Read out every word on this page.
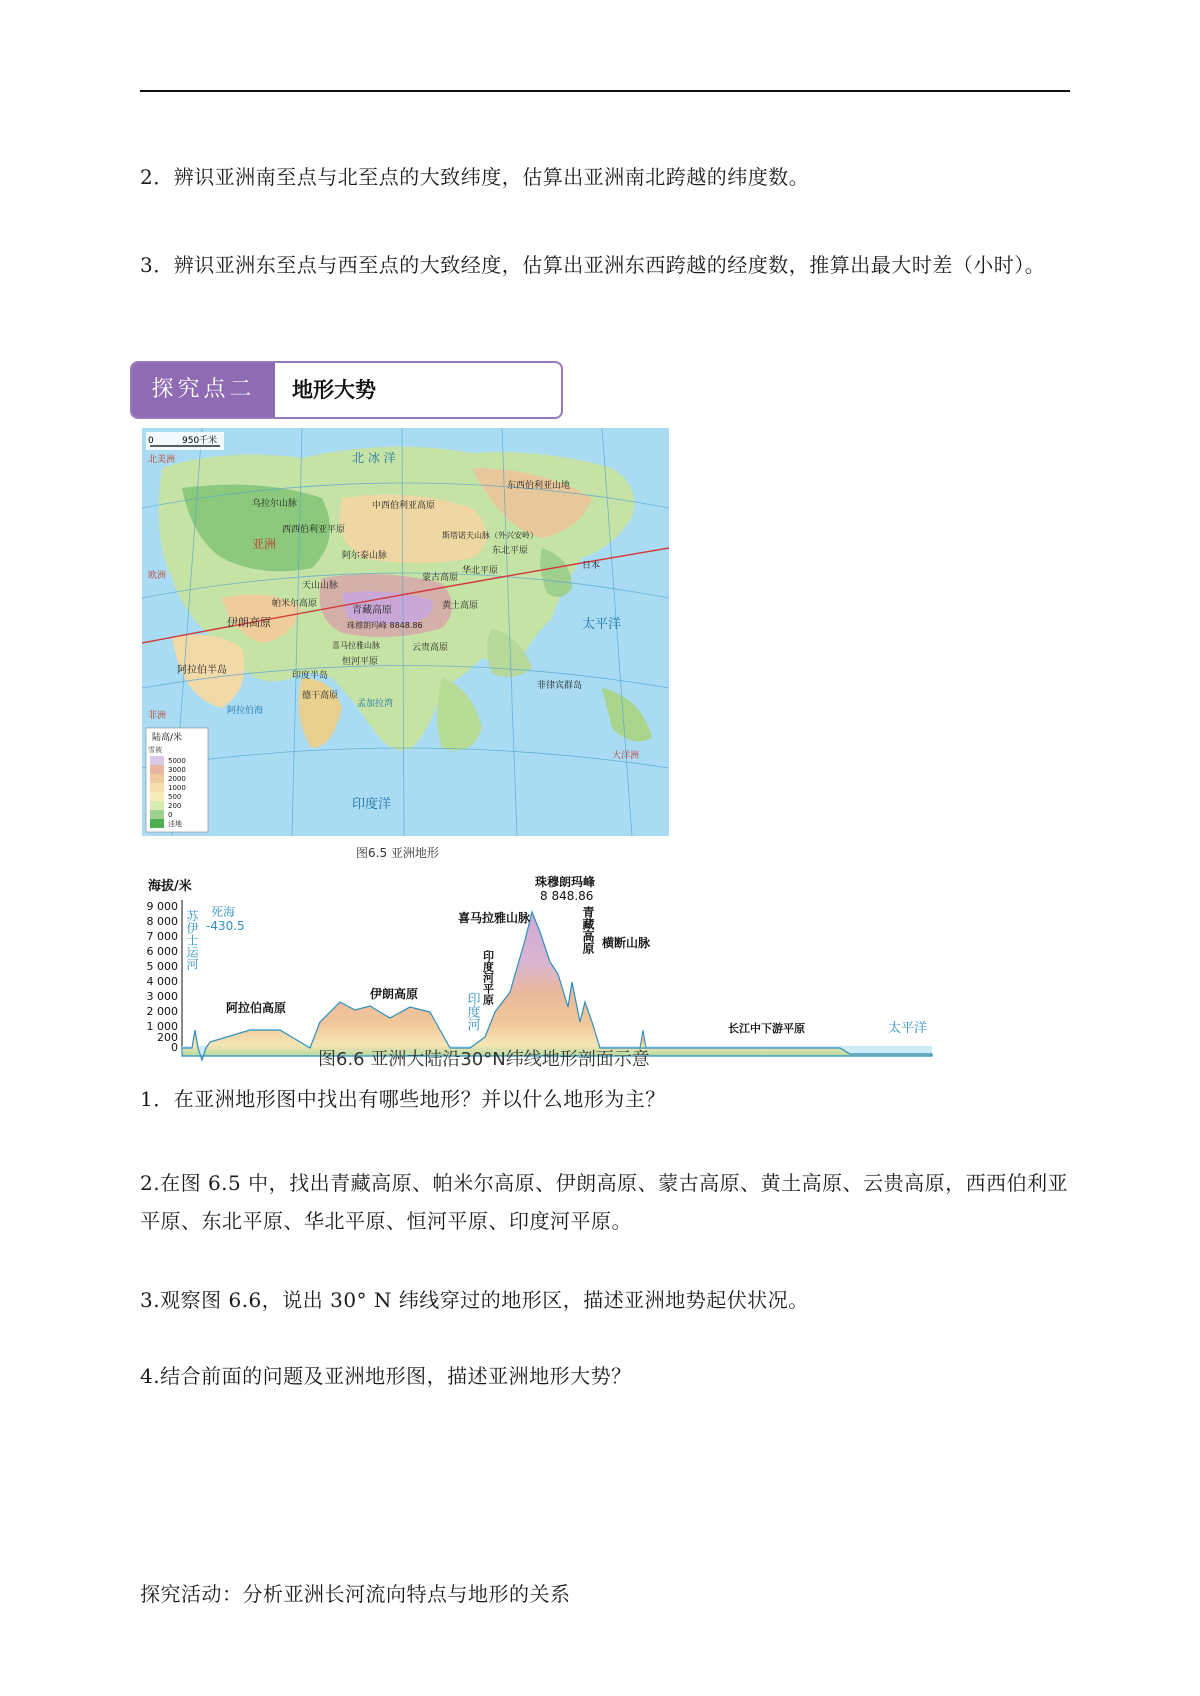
2．辨识亚洲南至点与北至点的大致纬度，估算出亚洲南北跨越的纬度数。
3．辨识亚洲东至点与西至点的大致经度，估算出亚洲东西跨越的经度数，推算出最大时差（小时）。
探究点二	地形大势
0	950千米
北美洲	北 冰 洋
中西伯利亚高原
东西伯利亚山地
西西伯利亚平原
乌拉尔山脉
斯塔诺夫山脉（外兴安岭）
阿尔泰山脉
蒙古高原
天山山脉
帕米尔高原
伊朗高原
阿拉伯半岛
青藏高原
珠穆朗玛峰 8848.86
喜马拉雅山脉
黄土高原
云贵高原
华北平原
东北平原
印度半岛
德干高原
恒河平原
孟加拉湾
阿拉伯海
印度洋
太平洋
菲律宾群岛
日本
亚洲
欧洲
非洲
大洋洲
陆高/米
雪被
5000
3000
2000
1000
500
200
0
洼地
图6.5 亚洲地形
海拔/米
9 000
8 000
7 000
6 000
5 000
4 000
3 000
2 000
1 000
200
0
苏伊士运河 死海
-430.5
印度河	太平洋
阿拉伯高原
伊朗高原	印度河平原
珠穆朗玛峰
8 848.86
喜马拉雅山脉	青藏高原 横断山脉
长江中下游平原
图6.6 亚洲大陆沿30°N纬线地形剖面示意
1．在亚洲地形图中找出有哪些地形？并以什么地形为主？
2.在图 6.5 中，找出青藏高原、帕米尔高原、伊朗高原、蒙古高原、黄土高原、云贵高原，西西伯利亚平原、东北平原、华北平原、恒河平原、印度河平原。
3.观察图 6.6，说出 30° N 纬线穿过的地形区，描述亚洲地势起伏状况。
4.结合前面的问题及亚洲地形图，描述亚洲地形大势？
探究活动：分析亚洲长河流向特点与地形的关系
